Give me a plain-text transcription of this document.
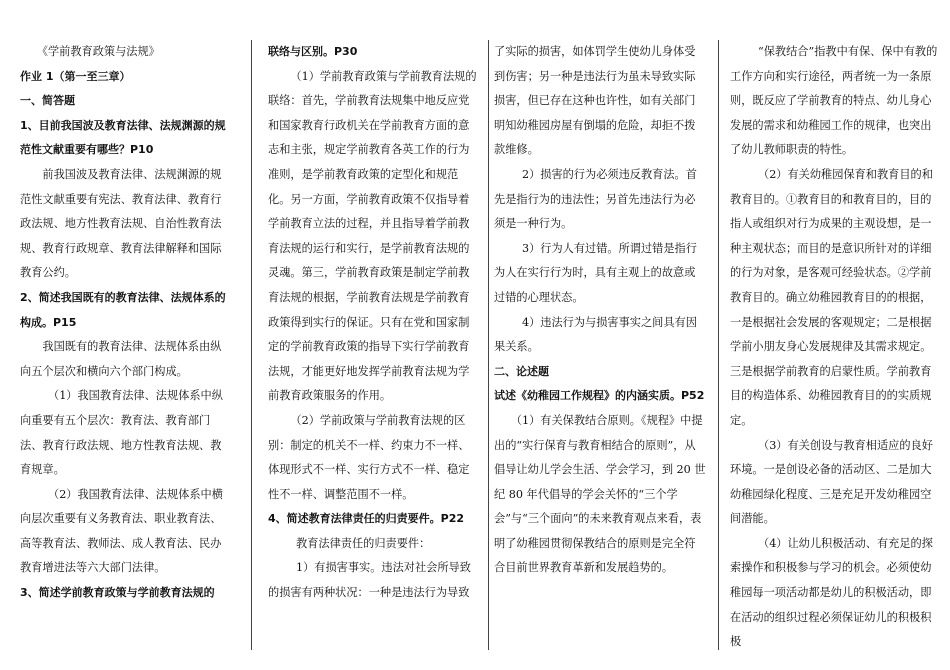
《学前教育政策与法规》

作业 1（第一至三章）

一、简答题

1、目前我国波及教育法律、法规渊源的规范性文献重要有哪些？P10

前我国波及教育法律、法规渊源的规范性文献重要有宪法、教育法律、教育行政法规、地方性教育法规、自治性教育法规、教育行政规章、教育法律解释和国际教育公约。

2、简述我国既有的教育法律、法规体系的构成。P15

我国既有的教育法律、法规体系由纵向五个层次和横向六个部门构成。

（1）我国教育法律、法规体系中纵向重要有五个层次：教育法、教育部门法、教育行政法规、地方性教育法规、教育规章。

（2）我国教育法律、法规体系中横向层次重要有义务教育法、职业教育法、高等教育法、教师法、成人教育法、民办教育增进法等六大部门法律。

3、简述学前教育政策与学前教育法规的

联络与区别。P30

（1）学前教育政策与学前教育法规的联络：首先，学前教育法规集中地反应党和国家教育行政机关在学前教育方面的意志和主张，规定学前教育各英工作的行为准则，是学前教育政策的定型化和规范化。另一方面，学前教育政策不仅指导着学前教育立法的过程，并且指导着学前教育法规的运行和实行，是学前教育法规的灵魂。第三，学前教育政策是制定学前教育法规的根据，学前教育法规是学前教育政策得到实行的保证。只有在党和国家制定的学前教育政策的指导下实行学前教育法规，才能更好地发挥学前教育法规为学前教育政策服务的作用。

（2）学前政策与学前教育法规的区别：制定的机关不一样、约束力不一样、体现形式不一样、实行方式不一样、稳定性不一样、调整范围不一样。

4、简述教育法律责任的归责要件。P22

教育法律责任的归责要件：

1）有损害事实。违法对社会所导致的损害有两种状况：一种是违法行为导致

了实际的损害，如体罚学生使幼儿身体受到伤害；另一种是违法行为虽未导致实际损害，但已存在这种也许性，如有关部门明知幼稚园房屋有倒塌的危险，却拒不拨款维修。

2）损害的行为必须违反教育法。首先是指行为的违法性；另首先违法行为必须是一种行为。

3）行为人有过错。所谓过错是指行为人在实行行为时，具有主观上的故意或过错的心理状态。

4）违法行为与损害事实之间具有因果关系。

二、论述题

试述《幼稚园工作规程》的内涵实质。P52

（1）有关保教结合原则。《规程》中提出的“实行保育与教育相结合的原则”，从倡导让幼儿学会生活、学会学习，到 20 世纪 80 年代倡导的学会关怀的“三个学会”与“三个面向”的未来教育观点来看，表明了幼稚园贯彻保教结合的原则是完全符合目前世界教育革新和发展趋势的。

“保教结合”指教中有保、保中有教的工作方向和实行途径，两者统一为一条原则，既反应了学前教育的特点、幼儿身心发展的需求和幼稚园工作的规律，也突出了幼儿教师职责的特性。

（2）有关幼稚园保育和教育目的和教育目的。①教育目的和教育目的，目的指人或组织对行为成果的主观设想，是一种主观状态；而目的是意识所针对的详细的行为对象，是客观可经验状态。②学前教育目的。确立幼稚园教育目的的根据，一是根据社会发展的客观规定；二是根据学前小朋友身心发展规律及其需求规定。三是根据学前教育的启蒙性质。学前教育目的构造体系、幼稚园教育目的的实质规定。

（3）有关创设与教育相适应的良好环境。一是创设必备的活动区、二是加大幼稚园绿化程度、三是充足开发幼稚园空间潜能。

（4）让幼儿积极活动、有充足的探索操作和积极参与学习的机会。必须使幼稚园每一项活动都是幼儿的积极活动，即在活动的组织过程必须保证幼儿的积极积极
